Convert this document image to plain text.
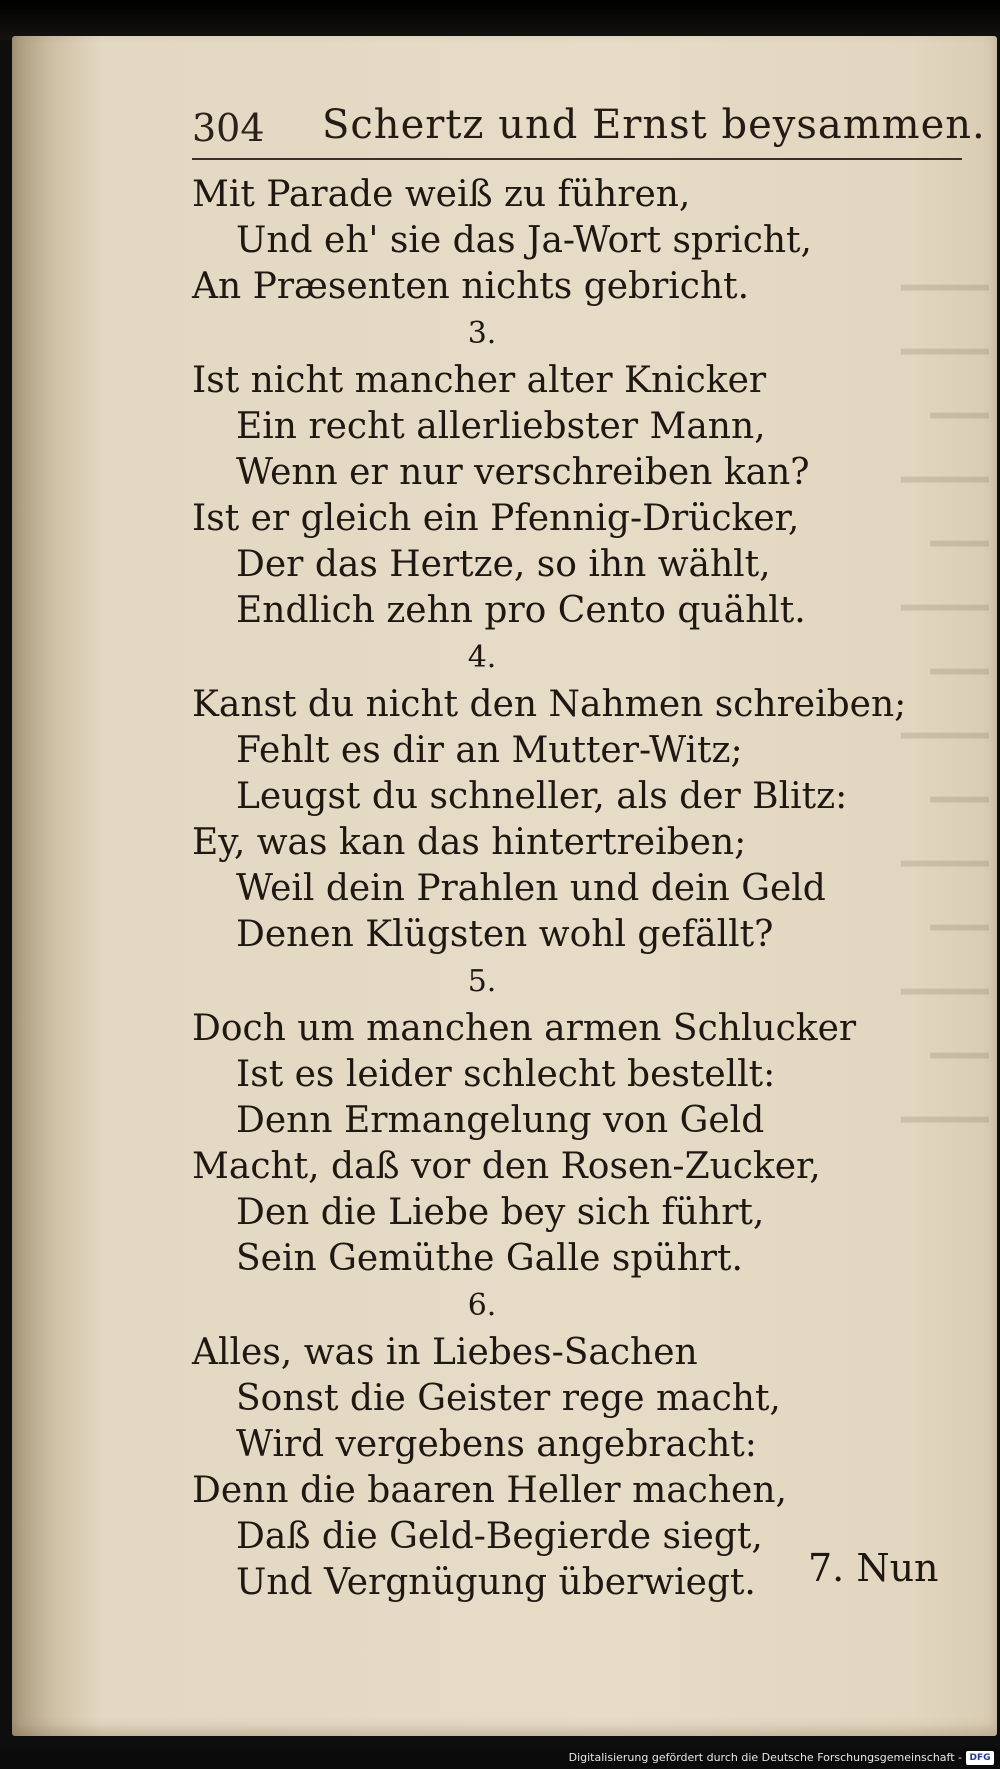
▁▁▁
▁▁▁
▁▁
▁▁▁
▁▁
▁▁▁
▁▁
▁▁▁
▁▁
▁▁▁
▁▁
▁▁▁
▁▁
▁▁▁
304 Schertz und Ernst beysammen.
Mit Parade weiß zu führen,
Und eh' sie das Ja-Wort spricht,
An Præsenten nichts gebricht.
3.
Ist nicht mancher alter Knicker
Ein recht allerliebster Mann,
Wenn er nur verschreiben kan?
Ist er gleich ein Pfennig-Drücker,
Der das Hertze, so ihn wählt,
Endlich zehn pro Cento quählt.
4.
Kanst du nicht den Nahmen schreiben;
Fehlt es dir an Mutter-Witz;
Leugst du schneller, als der Blitz:
Ey, was kan das hintertreiben;
Weil dein Prahlen und dein Geld
Denen Klügsten wohl gefällt?
5.
Doch um manchen armen Schlucker
Ist es leider schlecht bestellt:
Denn Ermangelung von Geld
Macht, daß vor den Rosen-Zucker,
Den die Liebe bey sich führt,
Sein Gemüthe Galle spührt.
6.
Alles, was in Liebes-Sachen
Sonst die Geister rege macht,
Wird vergebens angebracht:
Denn die baaren Heller machen,
Daß die Geld-Begierde siegt,
Und Vergnügung überwiegt.	7. Nun
Digitalisierung gefördert durch die Deutsche Forschungsgemeinschaft - DFG
